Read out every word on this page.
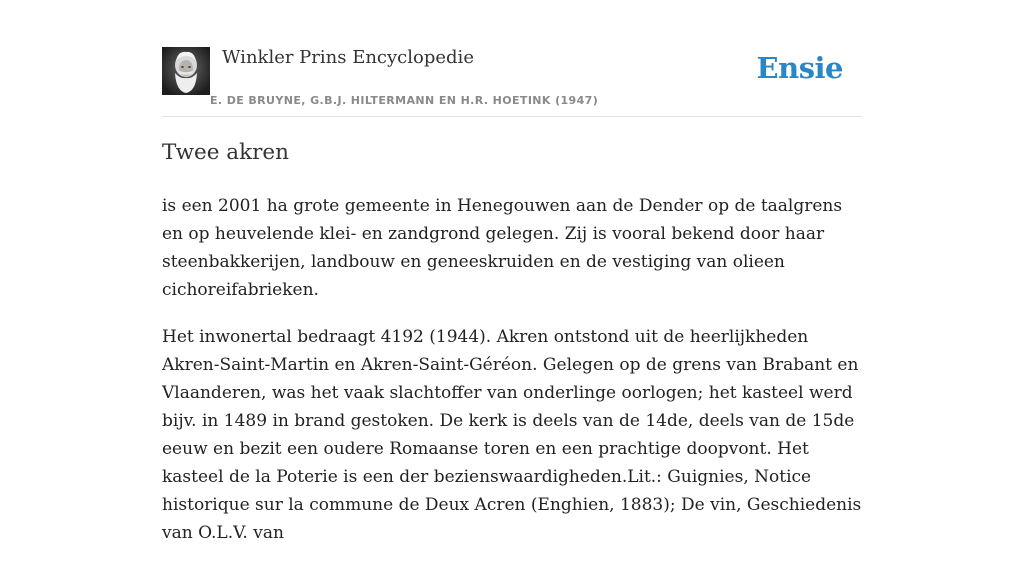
Winkler Prins Encyclopedie
E. DE BRUYNE, G.B.J. HILTERMANN EN H.R. HOETINK (1947)
Ensie
Twee akren

is een 2001 ha grote gemeente in Henegouwen aan de Dender op de taalgrens en op heuvelende klei- en zandgrond gelegen. Zij is vooral bekend door haar steenbakkerijen, landbouw en geneeskruiden en de vestiging van olieen cichoreifabrieken.

Het inwonertal bedraagt 4192 (1944). Akren ontstond uit de heerlijkheden Akren-Saint-Martin en Akren-Saint-Géréon. Gelegen op de grens van Brabant en Vlaanderen, was het vaak slachtoffer van onderlinge oorlogen; het kasteel werd bijv. in 1489 in brand gestoken. De kerk is deels van de 14de, deels van de 15de eeuw en bezit een oudere Romaanse toren en een prachtige doopvont. Het kasteel de la Poterie is een der bezienswaardigheden.Lit.: Guignies, Notice historique sur la commune de Deux Acren (Enghien, 1883); De vin, Geschiedenis van O.L.V. van
